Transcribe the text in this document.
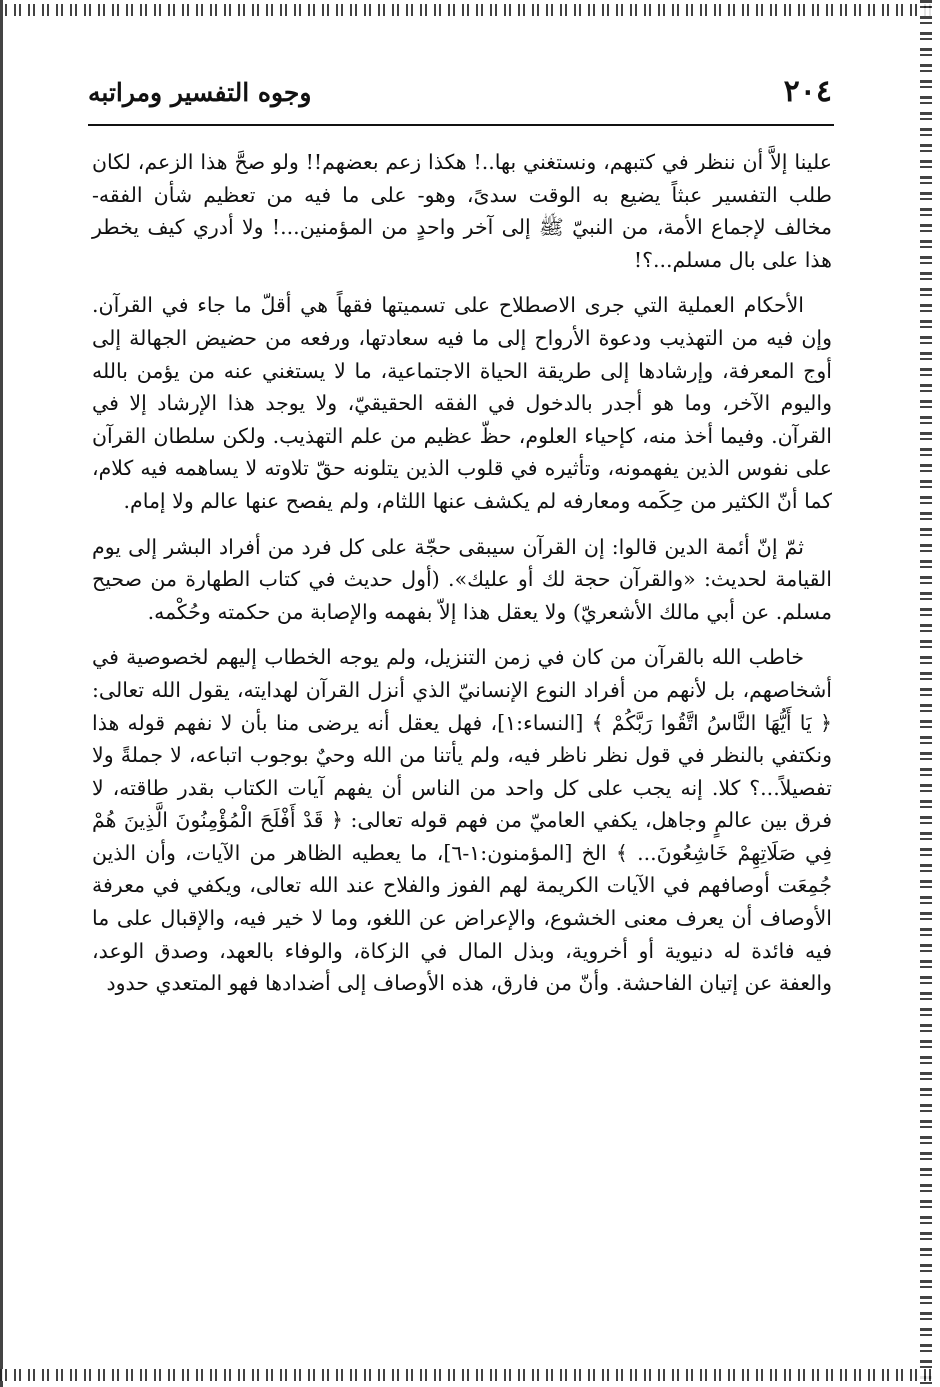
٢٠٤
وجوه التفسير ومراتبه

علينا إلاَّ أن ننظر في كتبهم، ونستغني بها..! هكذا زعم بعضهم!! ولو صحَّ هذا الزعم، لكان طلب التفسير عبثاً يضيع به الوقت سدىً، وهو- على ما فيه من تعظيم شأن الفقه- مخالف لإجماع الأمة، من النبيّ ﷺ إلى آخر واحدٍ من المؤمنين...! ولا أدري كيف يخطر هذا على بال مسلم...؟!

الأحكام العملية التي جرى الاصطلاح على تسميتها فقهاً هي أقلّ ما جاء في القرآن. وإن فيه من التهذيب ودعوة الأرواح إلى ما فيه سعادتها، ورفعه من حضيض الجهالة إلى أوج المعرفة، وإرشادها إلى طريقة الحياة الاجتماعية، ما لا يستغني عنه من يؤمن بالله واليوم الآخر، وما هو أجدر بالدخول في الفقه الحقيقيّ، ولا يوجد هذا الإرشاد إلا في القرآن. وفيما أخذ منه، كإحياء العلوم، حظّ عظيم من علم التهذيب. ولكن سلطان القرآن على نفوس الذين يفهمونه، وتأثيره في قلوب الذين يتلونه حقّ تلاوته لا يساهمه فيه كلام، كما أنّ الكثير من حِكَمه ومعارفه لم يكشف عنها اللثام، ولم يفصح عنها عالم ولا إمام.

ثمّ إنّ أئمة الدين قالوا: إن القرآن سيبقى حجّة على كل فرد من أفراد البشر إلى يوم القيامة لحديث: «والقرآن حجة لك أو عليك». (أول حديث في كتاب الطهارة من صحيح مسلم. عن أبي مالك الأشعريّ) ولا يعقل هذا إلاّ بفهمه والإصابة من حكمته وحُكْمه.

خاطب الله بالقرآن من كان في زمن التنزيل، ولم يوجه الخطاب إليهم لخصوصية في أشخاصهم، بل لأنهم من أفراد النوع الإنسانيّ الذي أنزل القرآن لهدايته، يقول الله تعالى: ﴿ يَا أَيُّهَا النَّاسُ اتَّقُوا رَبَّكُمْ ﴾ [النساء:١]، فهل يعقل أنه يرضى منا بأن لا نفهم قوله هذا ونكتفي بالنظر في قول نظر ناظر فيه، ولم يأتنا من الله وحيٌ بوجوب اتباعه، لا جملةً ولا تفصيلاً...؟ كلا. إنه يجب على كل واحد من الناس أن يفهم آيات الكتاب بقدر طاقته، لا فرق بين عالمٍ وجاهل، يكفي العاميّ من فهم قوله تعالى: ﴿ قَدْ أَفْلَحَ الْمُؤْمِنُونَ الَّذِينَ هُمْ فِي صَلَاتِهِمْ خَاشِعُونَ... ﴾ الخ [المؤمنون:١-٦]، ما يعطيه الظاهر من الآيات، وأن الذين جُمِعَت أوصافهم في الآيات الكريمة لهم الفوز والفلاح عند الله تعالى، ويكفي في معرفة الأوصاف أن يعرف معنى الخشوع، والإعراض عن اللغو، وما لا خير فيه، والإقبال على ما فيه فائدة له دنيوية أو أخروية، وبذل المال في الزكاة، والوفاء بالعهد، وصدق الوعد، والعفة عن إتيان الفاحشة. وأنّ من فارق، هذه الأوصاف إلى أضدادها فهو المتعدي حدود
